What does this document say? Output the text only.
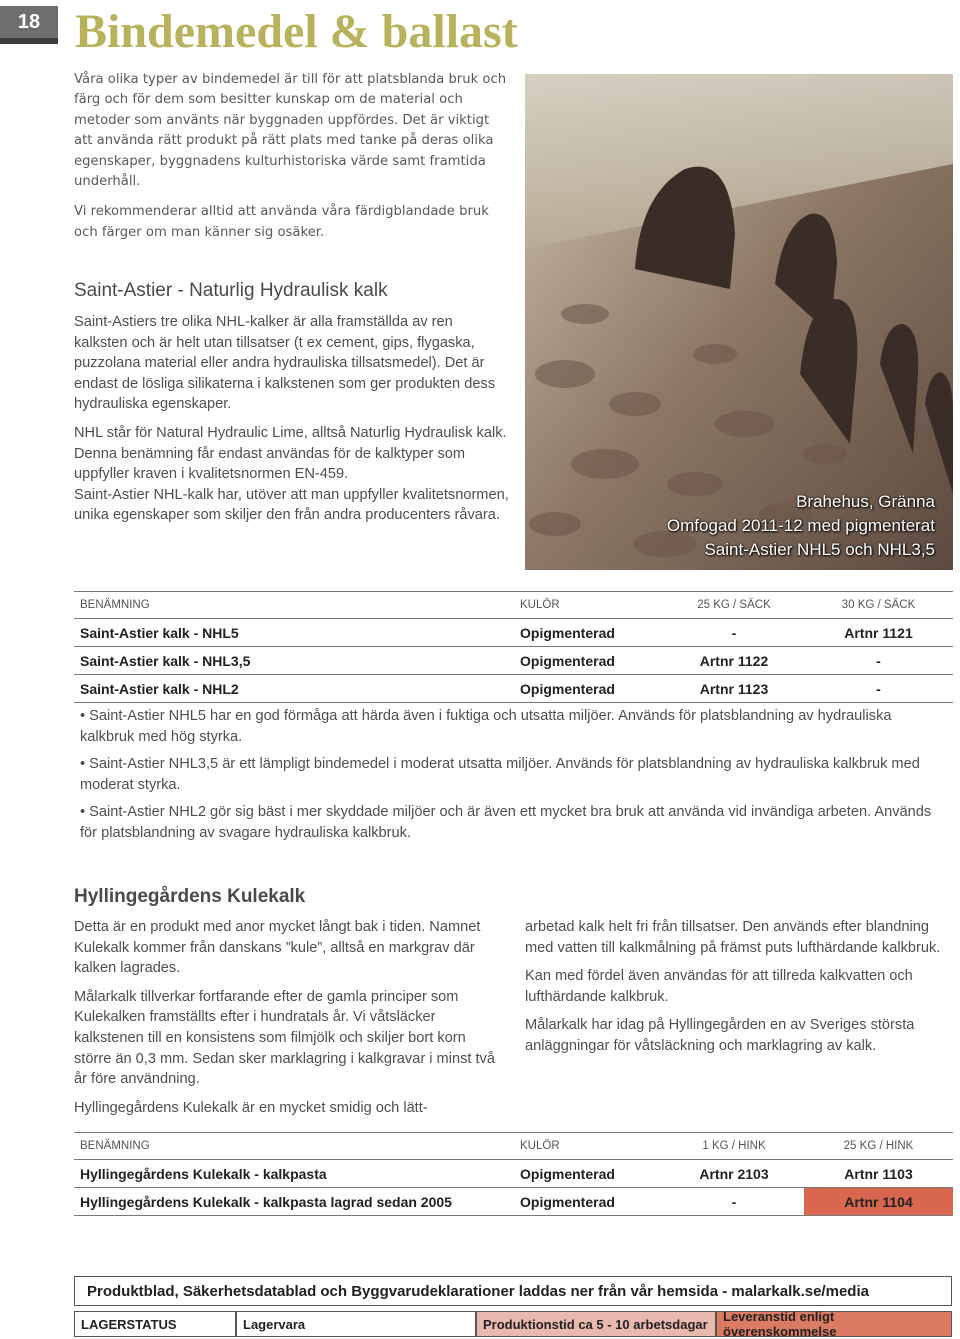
18 Bindemedel & ballast

Våra olika typer av bindemedel är till för att platsblanda bruk och färg och för dem som besitter kunskap om de material och metoder som använts när byggnaden uppfördes. Det är viktigt att använda rätt produkt på rätt plats med tanke på deras olika egenskaper, byggnadens kulturhistoriska värde samt framtida underhåll.

Vi rekommenderar alltid att använda våra färdigblandade bruk och färger om man känner sig osäker.

Saint-Astier - Naturlig Hydraulisk kalk

Saint-Astiers tre olika NHL-kalker är alla framställda av ren kalksten och är helt utan tillsatser (t ex cement, gips, flygaska, puzzolana material eller andra hydrauliska tillsatsmedel). Det är endast de lösliga silikaterna i kalkstenen som ger produkten dess hydrauliska egenskaper.

NHL står för Natural Hydraulic Lime, alltså Naturlig Hydraulisk kalk. Denna benämning får endast användas för de kalktyper som uppfyller kraven i kvalitetsnormen EN-459.

Saint-Astier NHL-kalk har, utöver att man uppfyller kvalitetsnormen, unika egenskaper som skiljer den från andra producenters råvara.

Brahehus, Gränna
Omfogad 2011-12 med pigmenterat
Saint-Astier NHL5 och NHL3,5
BENÄMNING	KULÖR	25 KG / SÄCK	30 KG / SÄCK
Saint-Astier kalk - NHL5	Opigmenterad	-	Artnr 1121
Saint-Astier kalk - NHL3,5	Opigmenterad	Artnr 1122	-
Saint-Astier kalk - NHL2	Opigmenterad	Artnr 1123	-

• Saint-Astier NHL5 har en god förmåga att härda även i fuktiga och utsatta miljöer. Används för platsblandning av hydrauliska kalkbruk med hög styrka.

• Saint-Astier NHL3,5 är ett lämpligt bindemedel i moderat utsatta miljöer. Används för platsblandning av hydrauliska kalkbruk med moderat styrka.

• Saint-Astier NHL2 gör sig bäst i mer skyddade miljöer och är även ett mycket bra bruk att använda vid invändiga arbeten. Används för platsblandning av svagare hydrauliska kalkbruk.

Hyllingegårdens Kulekalk

Detta är en produkt med anor mycket långt bak i tiden. Namnet Kulekalk kommer från danskans ”kule”, alltså en markgrav där kalken lagrades.

Målarkalk tillverkar fortfarande efter de gamla principer som Kulekalken framställts efter i hundratals år. Vi våtsläcker kalkstenen till en konsistens som filmjölk och skiljer bort korn större än 0,3 mm. Sedan sker marklagring i kalkgravar i minst två år före användning.

Hyllingegårdens Kulekalk är en mycket smidig och lätt-

arbetad kalk helt fri från tillsatser. Den används efter blandning med vatten till kalkmålning på främst puts lufthärdande kalkbruk.

Kan med fördel även användas för att tillreda kalkvatten och lufthärdande kalkbruk.

Målarkalk har idag på Hyllingegården en av Sveriges största anläggningar för våtsläckning och marklagring av kalk.

BENÄMNING	KULÖR	1 KG / HINK	25 KG / HINK
Hyllingegårdens Kulekalk - kalkpasta	Opigmenterad	Artnr 2103	Artnr 1103
Hyllingegårdens Kulekalk - kalkpasta lagrad sedan 2005	Opigmenterad	-	Artnr 1104
Produktblad, Säkerhetsdatablad och Byggvarudeklarationer laddas ner från vår hemsida - malarkalk.se/media
LAGERSTATUS	Lagervara	Produktionstid ca 5 - 10 arbetsdagar	Leveranstid enligt överenskommelse
